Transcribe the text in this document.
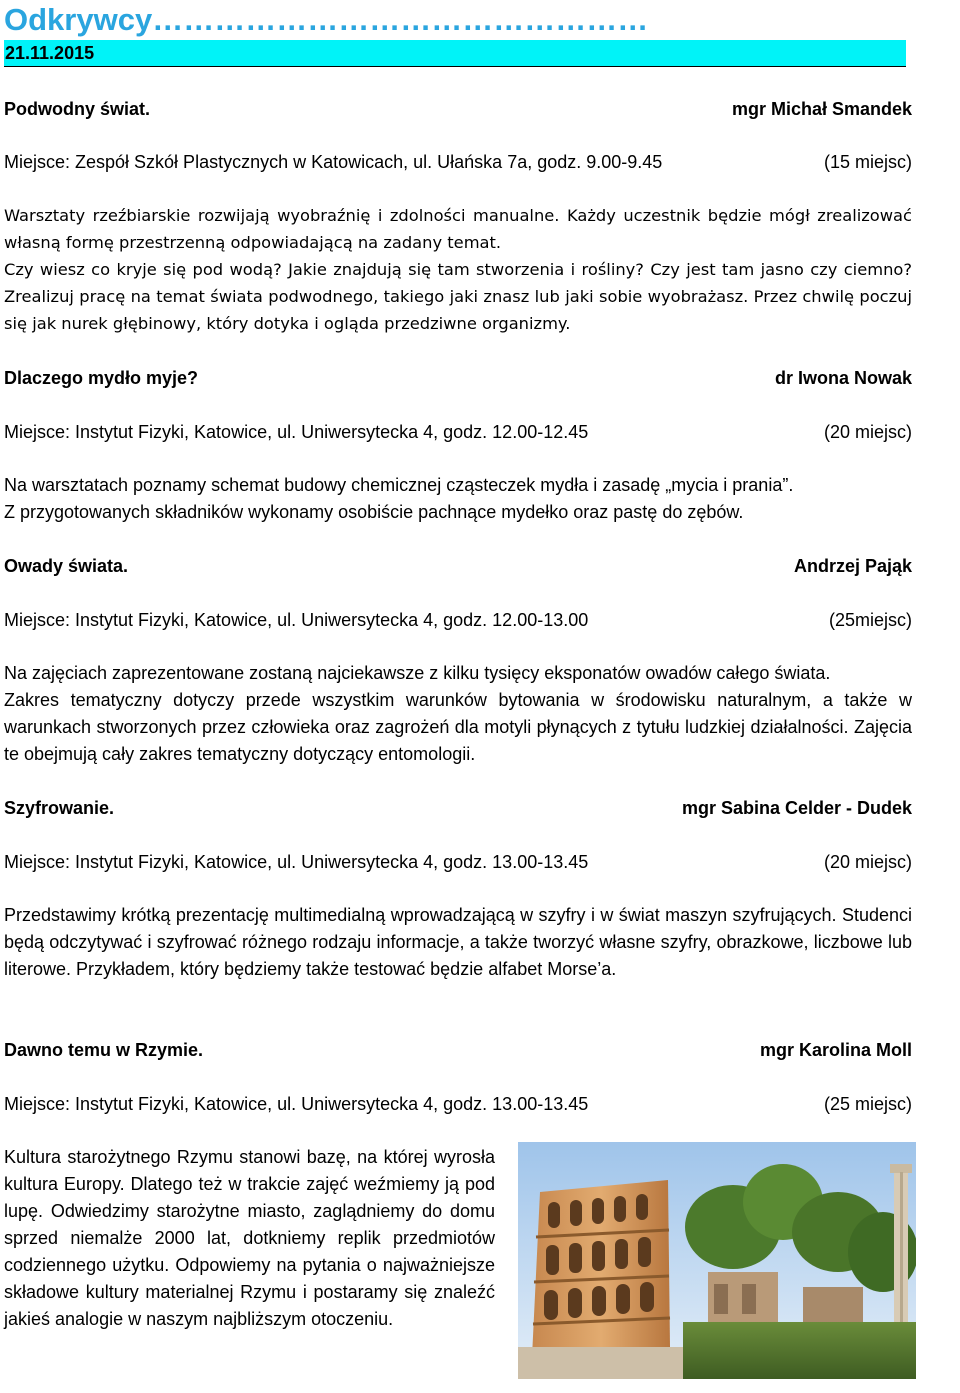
Odkrywcy…………………………………………
21.11.2015
Podwodny świat.	mgr Michał Smandek
Miejsce: Zespół Szkół Plastycznych w Katowicach, ul. Ułańska 7a, godz. 9.00-9.45	(15 miejsc)

Warsztaty rzeźbiarskie rozwijają wyobraźnię i zdolności manualne. Każdy uczestnik będzie mógł zrealizować własną formę przestrzenną odpowiadającą na zadany temat.

Czy wiesz co kryje się pod wodą? Jakie znajdują się tam stworzenia i rośliny? Czy jest tam jasno czy ciemno? Zrealizuj pracę na temat świata podwodnego, takiego jaki znasz lub jaki sobie wyobrażasz. Przez chwilę poczuj się jak nurek głębinowy, który dotyka i ogląda przedziwne organizmy.

Dlaczego mydło myje?	dr Iwona Nowak
Miejsce: Instytut Fizyki, Katowice, ul. Uniwersytecka 4, godz. 12.00-12.45	(20 miejsc)

Na warsztatach poznamy schemat budowy chemicznej cząsteczek mydła i zasadę „mycia i prania”.

Z przygotowanych składników wykonamy osobiście pachnące mydełko oraz pastę do zębów.

Owady świata.	Andrzej Pająk
Miejsce: Instytut Fizyki, Katowice, ul. Uniwersytecka 4, godz. 12.00-13.00	(25miejsc)

Na zajęciach zaprezentowane zostaną najciekawsze z kilku tysięcy eksponatów owadów całego świata.

Zakres tematyczny dotyczy przede wszystkim warunków bytowania w środowisku naturalnym, a także w warunkach stworzonych przez człowieka oraz zagrożeń dla motyli płynących z tytułu ludzkiej działalności. Zajęcia te obejmują cały zakres tematyczny dotyczący entomologii.

Szyfrowanie.	mgr Sabina Celder - Dudek
Miejsce: Instytut Fizyki, Katowice, ul. Uniwersytecka 4, godz. 13.00-13.45	(20 miejsc)

Przedstawimy krótką prezentację multimedialną wprowadzającą w szyfry i w świat maszyn szyfrujących. Studenci będą odczytywać i szyfrować różnego rodzaju informacje, a także tworzyć własne szyfry, obrazkowe, liczbowe lub literowe. Przykładem, który będziemy także testować będzie alfabet Morse’a.

Dawno temu w Rzymie.	mgr Karolina Moll
Miejsce: Instytut Fizyki, Katowice, ul. Uniwersytecka 4, godz. 13.00-13.45	(25 miejsc)

Kultura starożytnego Rzymu stanowi bazę, na której wyrosła kultura Europy. Dlatego też w trakcie zajęć weźmiemy ją pod lupę. Odwiedzimy starożytne miasto, zaglądniemy do domu sprzed niemalże 2000 lat, dotkniemy replik przedmiotów codziennego użytku. Odpowiemy na pytania o najważniejsze składowe kultury materialnej Rzymu i postaramy się znaleźć jakieś analogie w naszym najbliższym otoczeniu.
